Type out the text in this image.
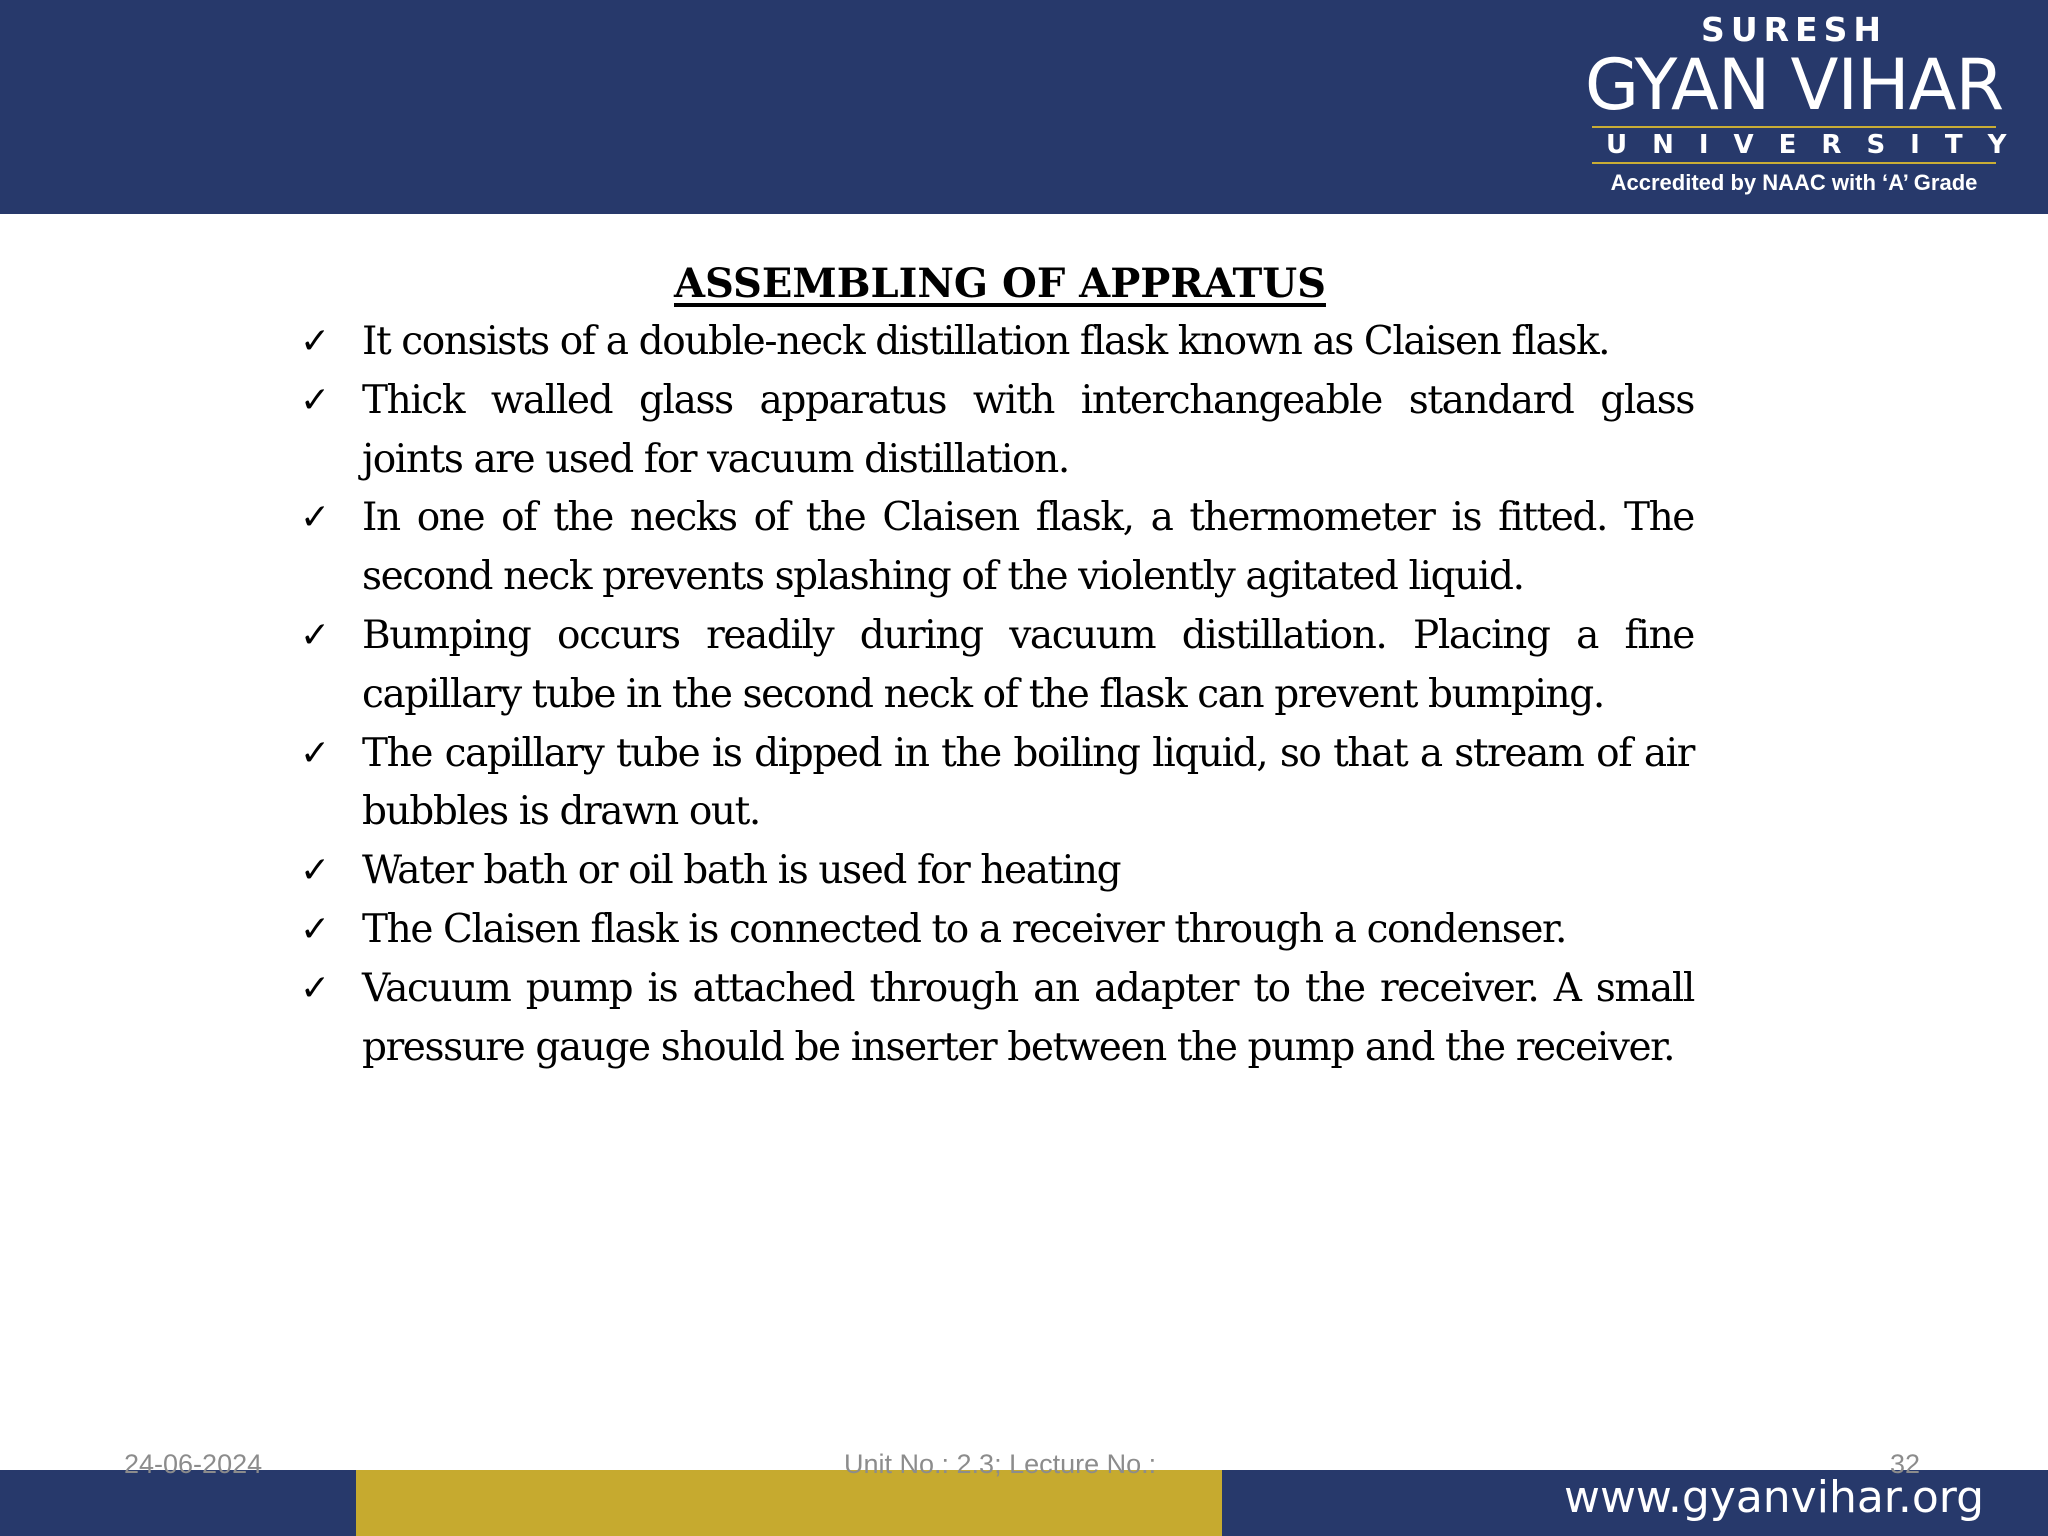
SURESH
GYAN VIHAR
UNIVERSITY
Accredited by NAAC with ‘A’ Grade
ASSEMBLING OF APPRATUS
✓ It consists of a double-neck distillation flask known as Claisen flask.
✓ Thick walled glass apparatus with interchangeable standard glass joints are used for vacuum distillation.
✓ In one of the necks of the Claisen flask, a thermometer is fitted. The second neck prevents splashing of the violently agitated liquid.
✓ Bumping occurs readily during vacuum distillation. Placing a fine capillary tube in the second neck of the flask can prevent bumping.
✓ The capillary tube is dipped in the boiling liquid, so that a stream of air bubbles is drawn out.
✓ Water bath or oil bath is used for heating
✓ The Claisen flask is connected to a receiver through a condenser.
✓ Vacuum pump is attached through an adapter to the receiver. A small pressure gauge should be inserter between the pump and the receiver.
www.gyanvihar.org
24-06-2024	Unit No.: 2.3; Lecture No.:	32
